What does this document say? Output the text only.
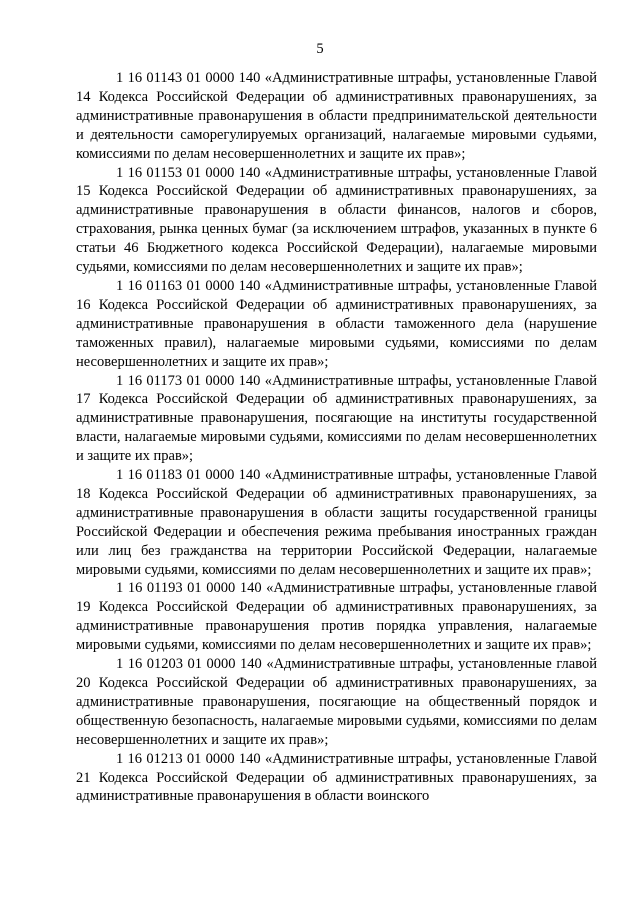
5

1 16 01143 01 0000 140 «Административные штрафы, установленные Главой 14 Кодекса Российской Федерации об административных правонарушениях, за административные правонарушения в области предпринимательской деятельности и деятельности саморегулируемых организаций, налагаемые мировыми судьями, комиссиями по делам несовершеннолетних и защите их прав»;

1 16 01153 01 0000 140 «Административные штрафы, установленные Главой 15 Кодекса Российской Федерации об административных правонарушениях, за административные правонарушения в области финансов, налогов и сборов, страхования, рынка ценных бумаг (за исключением штрафов, указанных в пункте 6 статьи 46 Бюджетного кодекса Российской Федерации), налагаемые мировыми судьями, комиссиями по делам несовершеннолетних и защите их прав»;

1 16 01163 01 0000 140 «Административные штрафы, установленные Главой 16 Кодекса Российской Федерации об административных правонарушениях, за административные правонарушения в области таможенного дела (нарушение таможенных правил), налагаемые мировыми судьями, комиссиями по делам несовершеннолетних и защите их прав»;

1 16 01173 01 0000 140 «Административные штрафы, установленные Главой 17 Кодекса Российской Федерации об административных правонарушениях, за административные правонарушения, посягающие на институты государственной власти, налагаемые мировыми судьями, комиссиями по делам несовершеннолетних и защите их прав»;

1 16 01183 01 0000 140 «Административные штрафы, установленные Главой 18 Кодекса Российской Федерации об административных правонарушениях, за административные правонарушения в области защиты государственной границы Российской Федерации и обеспечения режима пребывания иностранных граждан или лиц без гражданства на территории Российской Федерации, налагаемые мировыми судьями, комиссиями по делам несовершеннолетних и защите их прав»;

1 16 01193 01 0000 140 «Административные штрафы, установленные главой 19 Кодекса Российской Федерации об административных правонарушениях, за административные правонарушения против порядка управления, налагаемые мировыми судьями, комиссиями по делам несовершеннолетних и защите их прав»;

1 16 01203 01 0000 140 «Административные штрафы, установленные главой 20 Кодекса Российской Федерации об административных правонарушениях, за административные правонарушения, посягающие на общественный порядок и общественную безопасность, налагаемые мировыми судьями, комиссиями по делам несовершеннолетних и защите их прав»;

1 16 01213 01 0000 140 «Административные штрафы, установленные Главой 21 Кодекса Российской Федерации об административных правонарушениях, за административные правонарушения в области воинского
